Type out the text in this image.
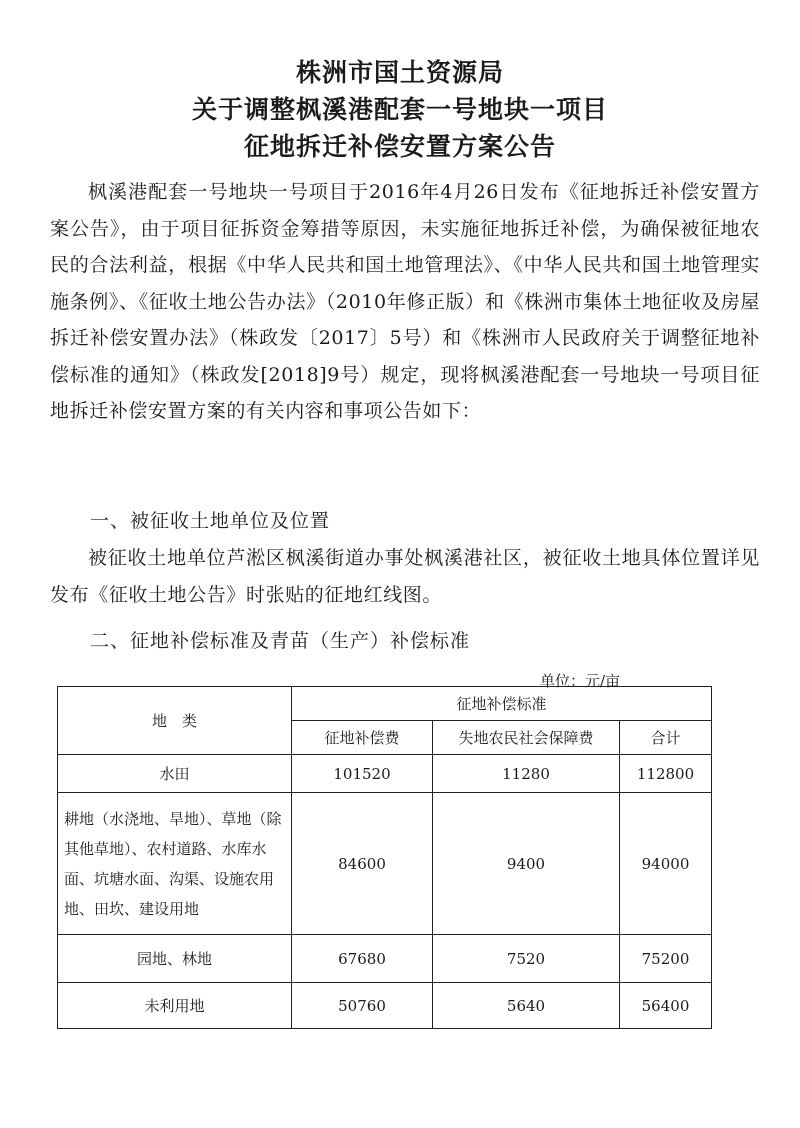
株洲市国土资源局
关于调整枫溪港配套一号地块一项目
征地拆迁补偿安置方案公告

枫溪港配套一号地块一号项目于2016年4月26日发布《征地拆迁补偿安置方案公告》，由于项目征拆资金筹措等原因，未实施征地拆迁补偿，为确保被征地农民的合法利益，根据《中华人民共和国土地管理法》、《中华人民共和国土地管理实施条例》、《征收土地公告办法》（2010年修正版）和《株洲市集体土地征收及房屋拆迁补偿安置办法》（株政发〔2017〕5号）和《株洲市人民政府关于调整征地补偿标准的通知》（株政发[2018]9号）规定，现将枫溪港配套一号地块一号项目征地拆迁补偿安置方案的有关内容和事项公告如下：

一、被征收土地单位及位置

被征收土地单位芦淞区枫溪街道办事处枫溪港社区，被征收土地具体位置详见发布《征收土地公告》时张贴的征地红线图。

二、征地补偿标准及青苗（生产）补偿标准
单位：元/亩
地　类	征地补偿标准		
	征地补偿费	失地农民社会保障费	合计
水田	101520	11280	112800
耕地（水浇地、旱地）、草地（除其他草地）、农村道路、水库水面、坑塘水面、沟渠、设施农用地、田坎、建设用地	84600	9400	94000
园地、林地	67680	7520	75200
未利用地	50760	5640	56400
